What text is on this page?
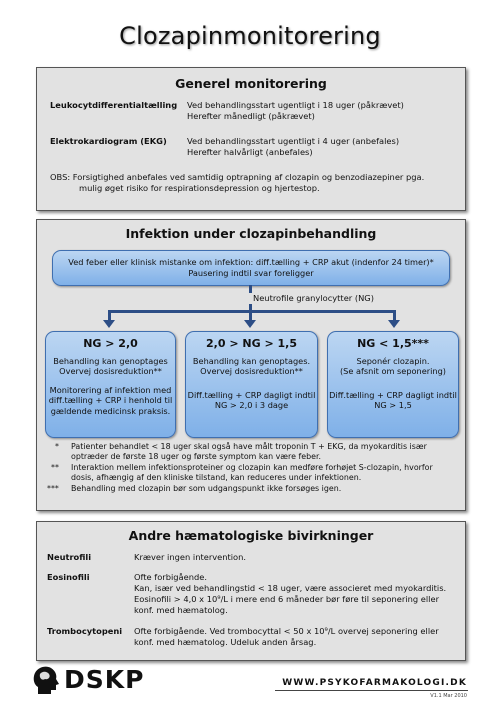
Clozapinmonitorering
Generel monitorering
Leukocytdifferentialtælling Ved behandlingsstart ugentligt i 18 uger (påkrævet)
Herefter månedligt (påkrævet)
Elektrokardiogram (EKG) Ved behandlingsstart ugentligt i 4 uger (anbefales)
Herefter halvårligt (anbefales)
OBS: Forsigtighed anbefales ved samtidig optrapning af clozapin og benzodiazepiner pga.
mulig øget risiko for respirationsdepression og hjertestop.
Infektion under clozapinbehandling
Ved feber eller klinisk mistanke om infektion: diff.tælling + CRP akut (indenfor 24 timer)*
Pausering indtil svar foreligger
Neutrofile granylocytter (NG)
NG > 2,0
Behandling kan genoptages
Overvej dosisreduktion**
Monitorering af infektion med
diff.tælling + CRP i henhold til
gældende medicinsk praksis.
2,0 > NG > 1,5
Behandling kan genoptages.
Overvej dosisreduktion**
Diff.tælling + CRP dagligt indtil
NG > 2,0 i 3 dage
NG < 1,5***
Seponér clozapin.
(Se afsnit om seponering)
Diff.tælling + CRP dagligt indtil
NG > 1,5
* Patienter behandlet < 18 uger skal også have målt troponin T + EKG, da myokarditis især
optræder de første 18 uger og første symptom kan være feber.
** Interaktion mellem infektionsproteiner og clozapin kan medføre forhøjet S-clozapin, hvorfor
dosis, afhængig af den kliniske tilstand, kan reduceres under infektionen.
*** Behandling med clozapin bør som udgangspunkt ikke forsøges igen.
Andre hæmatologiske bivirkninger
Neutrofili	Kræver ingen intervention.
Eosinofili	Ofte forbigående.
Kan, især ved behandlingstid < 18 uger, være associeret med myokarditis.
Eosinofili > 4,0 x 10⁹/L i mere end 6 måneder bør føre til seponering eller
konf. med hæmatolog.
Trombocytopeni Ofte forbigående. Ved trombocyttal < 50 x 10⁹/L overvej seponering eller
konf. med hæmatolog. Udeluk anden årsag.
DSKP	WWW.PSYKOFARMAKOLOGI.DK
V1.1 Mar 2010
